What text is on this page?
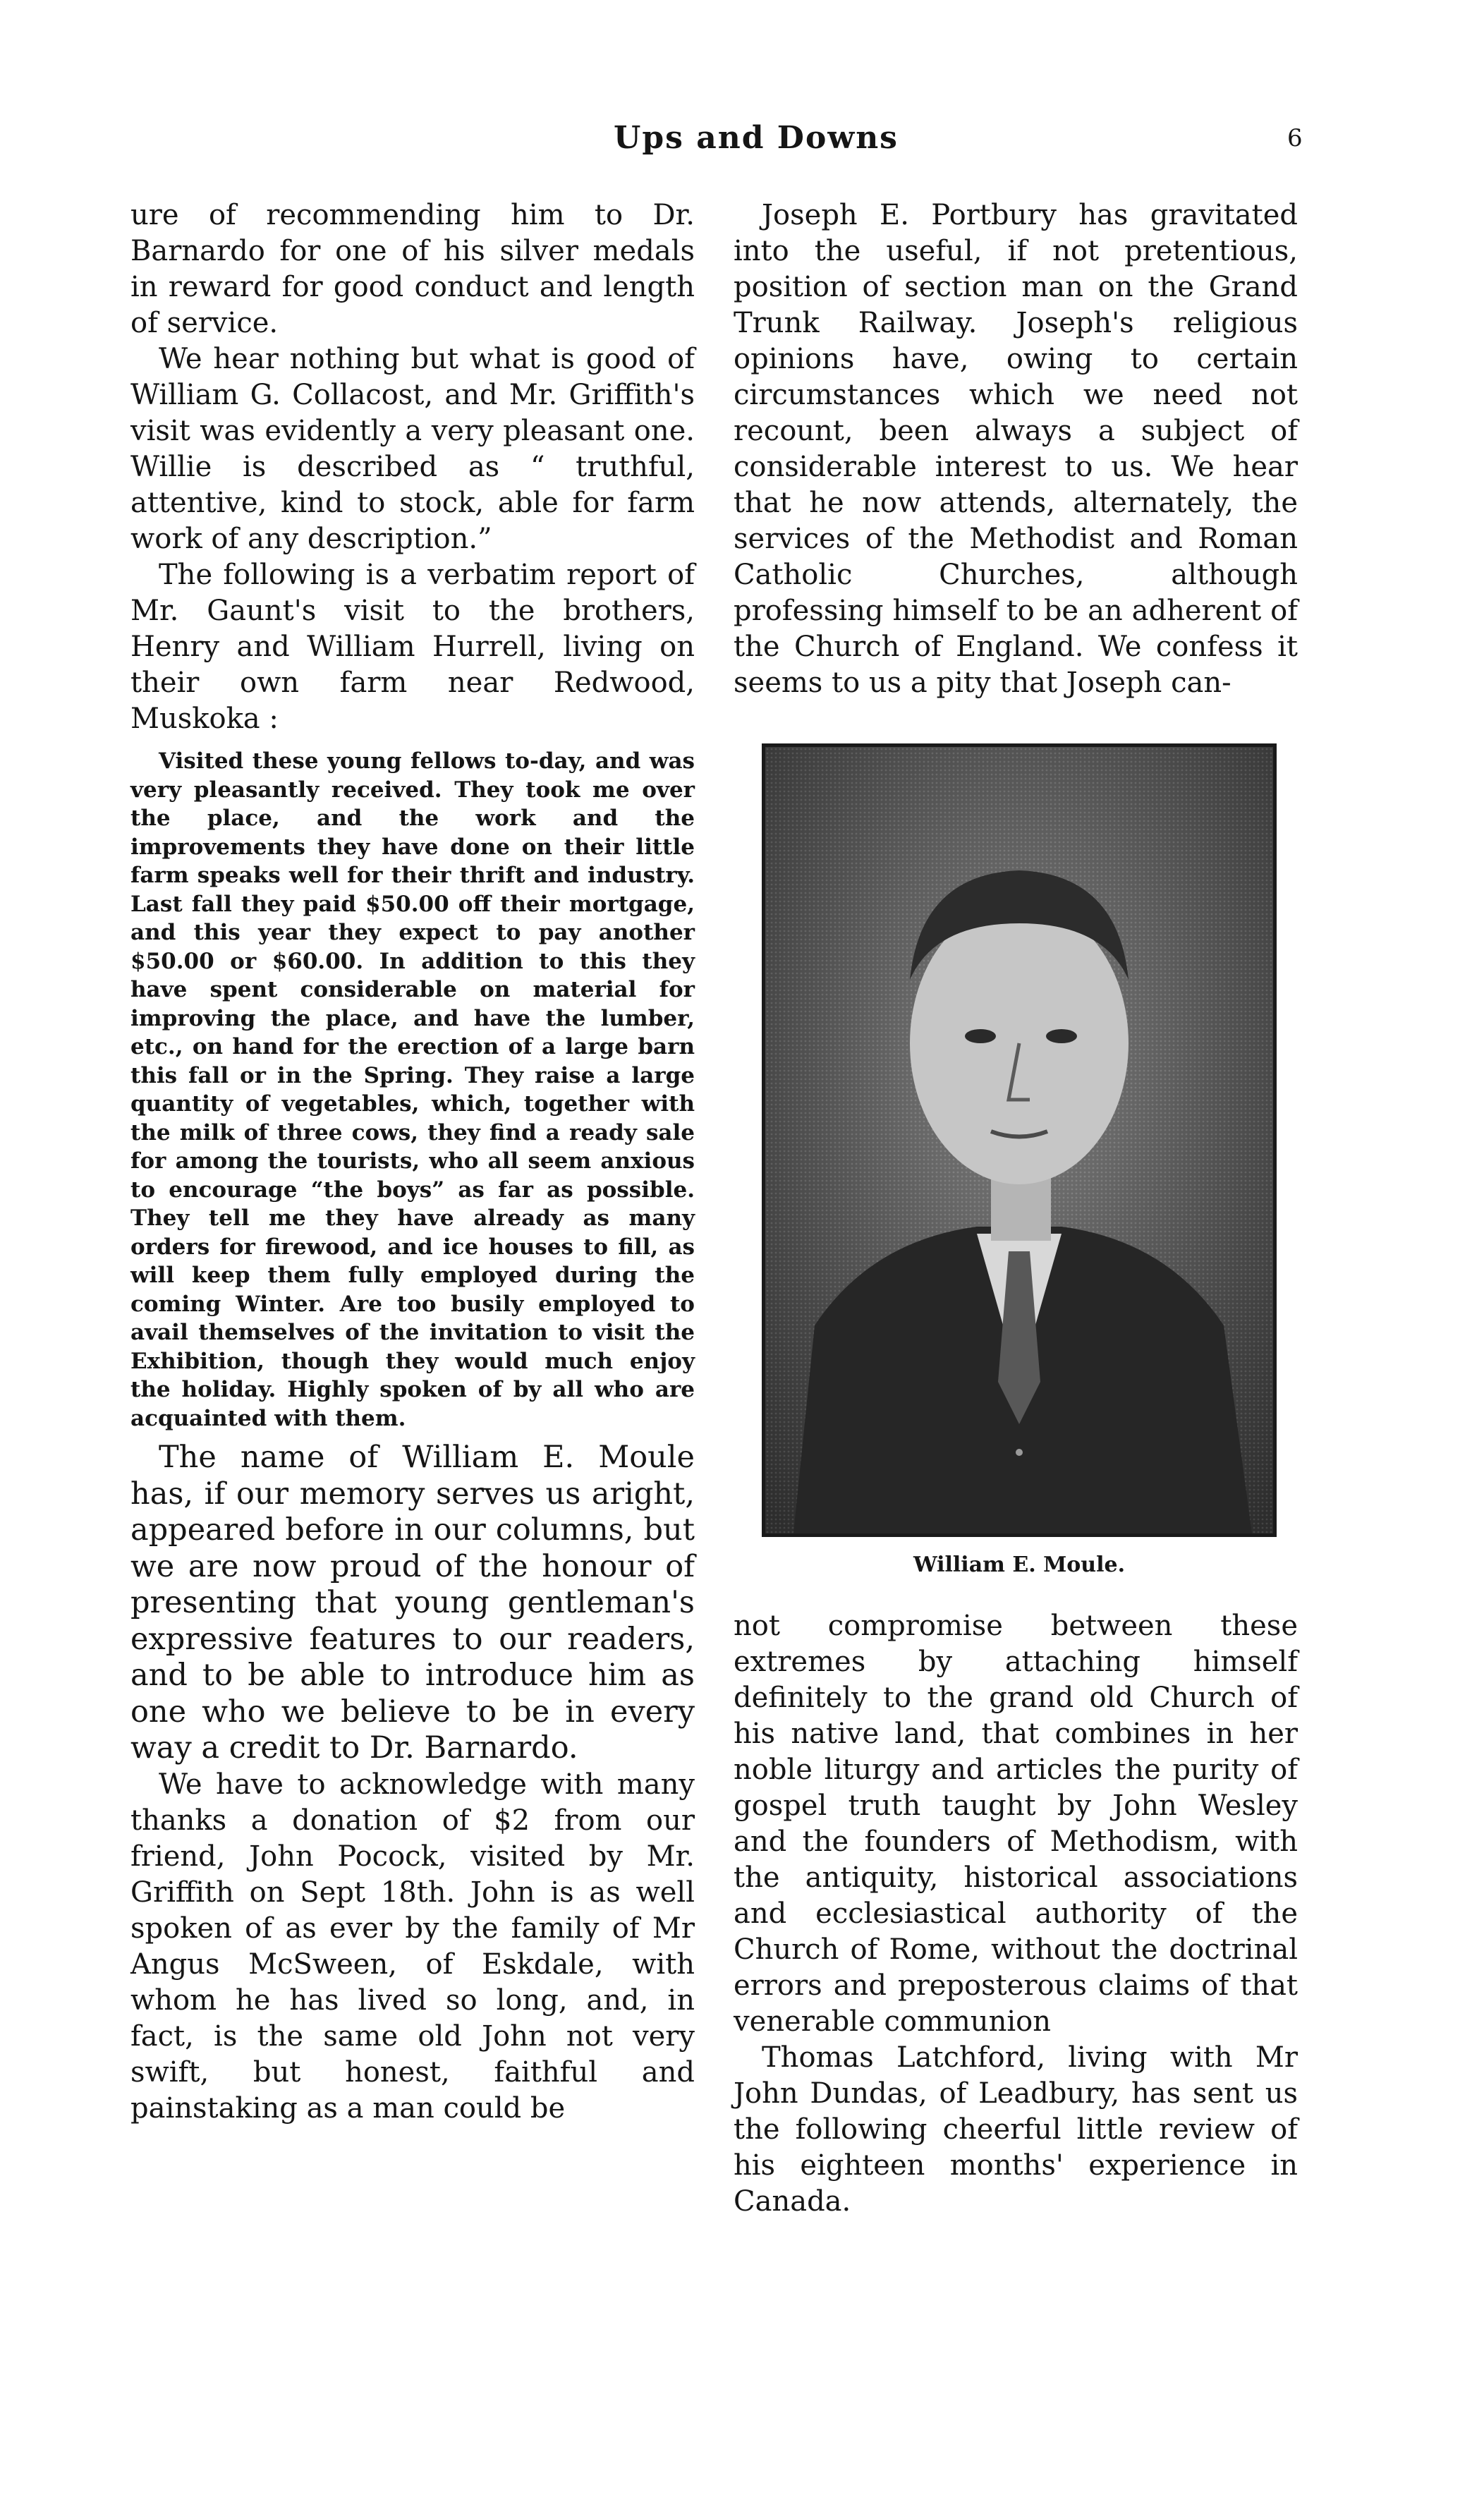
Ups and Downs	6

ure of recommending him to Dr. Barnardo for one of his silver medals in reward for good conduct and length of service.

We hear nothing but what is good of William G. Collacost, and Mr. Griffith's visit was evidently a very pleasant one. Willie is described as “ truthful, attentive, kind to stock, able for farm work of any description.”

The following is a verbatim report of Mr. Gaunt's visit to the brothers, Henry and William Hurrell, living on their own farm near Redwood, Muskoka :

Visited these young fellows to-day, and was very pleasantly received. They took me over the place, and the work and the improvements they have done on their little farm speaks well for their thrift and industry. Last fall they paid $50.00 off their mortgage, and this year they expect to pay another $50.00 or $60.00. In addition to this they have spent considerable on material for improving the place, and have the lumber, etc., on hand for the erection of a large barn this fall or in the Spring. They raise a large quantity of vegetables, which, together with the milk of three cows, they find a ready sale for among the tourists, who all seem anxious to encourage “the boys” as far as possible. They tell me they have already as many orders for firewood, and ice houses to fill, as will keep them fully employed during the coming Winter. Are too busily employed to avail themselves of the invitation to visit the Exhibition, though they would much enjoy the holiday. Highly spoken of by all who are acquainted with them.

The name of William E. Moule has, if our memory serves us aright, appeared before in our columns, but we are now proud of the honour of presenting that young gentleman's expressive features to our readers, and to be able to introduce him as one who we believe to be in every way a credit to Dr. Barnardo.

We have to acknowledge with many thanks a donation of $2 from our friend, John Pocock, visited by Mr. Griffith on Sept 18th. John is as well spoken of as ever by the family of Mr Angus McSween, of Eskdale, with whom he has lived so long, and, in fact, is the same old John not very swift, but honest, faithful and painstaking as a man could be

Joseph E. Portbury has gravitated into the useful, if not pretentious, position of section man on the Grand Trunk Railway. Joseph's religious opinions have, owing to certain circumstances which we need not recount, been always a subject of considerable interest to us. We hear that he now attends, alternately, the services of the Methodist and Roman Catholic Churches, although professing himself to be an adherent of the Church of England. We confess it seems to us a pity that Joseph can-

William E. Moule.

not compromise between these extremes by attaching himself definitely to the grand old Church of his native land, that combines in her noble liturgy and articles the purity of gospel truth taught by John Wesley and the founders of Methodism, with the antiquity, historical associations and ecclesiastical authority of the Church of Rome, without the doctrinal errors and preposterous claims of that venerable communion

Thomas Latchford, living with Mr John Dundas, of Leadbury, has sent us the following cheerful little review of his eighteen months' experience in Canada.
